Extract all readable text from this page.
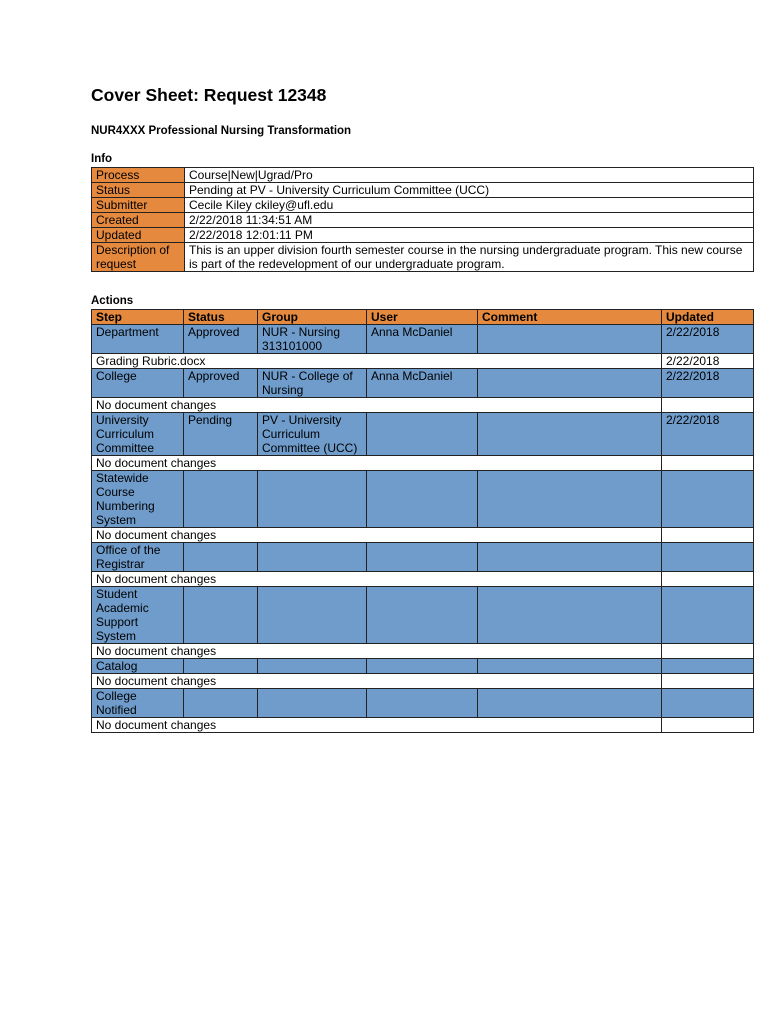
Cover Sheet: Request 12348
NUR4XXX Professional Nursing Transformation
Info
Process	Course|New|Ugrad/Pro
Status	Pending at PV - University Curriculum Committee (UCC)
Submitter	Cecile Kiley ckiley@ufl.edu
Created	2/22/2018 11:34:51 AM
Updated	2/22/2018 12:01:11 PM
Description of request	This is an upper division fourth semester course in the nursing undergraduate program. This new course is part of the redevelopment of our undergraduate program.
Actions
Step	Status	Group	User	Comment	Updated
Department	Approved	NUR - Nursing 313101000	Anna McDaniel		2/22/2018
Grading Rubric.docx					2/22/2018
College	Approved	NUR - College of Nursing	Anna McDaniel		2/22/2018
No document changes					
University Curriculum Committee	Pending	PV - University Curriculum Committee (UCC)			2/22/2018
No document changes					
Statewide Course Numbering System					
No document changes					
Office of the Registrar					
No document changes					
Student Academic Support System					
No document changes					
Catalog					
No document changes					
College Notified					
No document changes					
